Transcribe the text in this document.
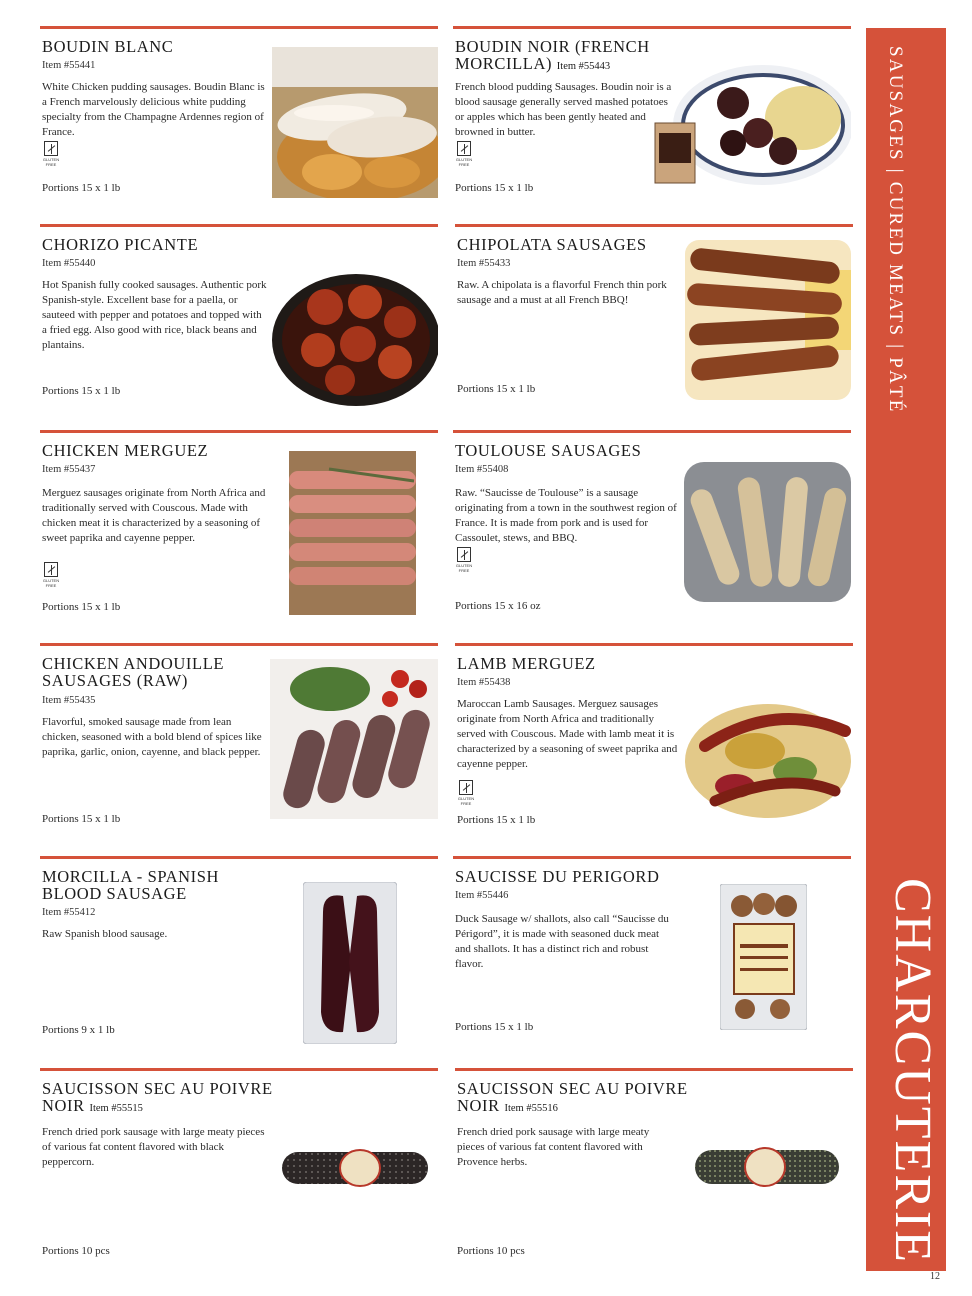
BOUDIN BLANC
Item #55441
White Chicken pudding sausages. Boudin Blanc is a French marvelously delicious white pudding specialty from the Champagne Ardennes region of France.
GLUTEN FREE
Portions 15 x 1 lb
BOUDIN NOIR (FRENCH MORCILLA) Item #55443
French blood pudding Sausages. Boudin noir is a blood sausage generally served mashed potatoes or apples which has been gently heated and browned in butter.
GLUTEN FREE
Portions 15 x 1 lb
CHORIZO PICANTE
Item #55440
Hot Spanish fully cooked sausages. Authentic pork Spanish-style. Excellent base for a paella, or sauteed with pepper and potatoes and topped with a fried egg. Also good with rice, black beans and plantains.
Portions 15 x 1 lb
CHIPOLATA SAUSAGES
Item #55433
Raw. A chipolata is a flavorful French thin pork sausage and a must at all French BBQ!
Portions 15 x 1 lb
CHICKEN MERGUEZ
Item #55437
Merguez sausages originate from North Africa and traditionally served with Couscous. Made with chicken meat it is characterized by a seasoning of sweet paprika and cayenne pepper.
GLUTEN FREE
Portions 15 x 1 lb
TOULOUSE SAUSAGES
Item #55408
Raw. “Saucisse de Toulouse” is a sausage originating from a town in the southwest region of France. It is made from pork and is used for Cassoulet, stews, and BBQ.
GLUTEN FREE
Portions 15 x 16 oz
CHICKEN ANDOUILLE SAUSAGES (RAW)
Item #55435
Flavorful, smoked sausage made from lean chicken, seasoned with a bold blend of spices like paprika, garlic, onion, cayenne, and black pepper.
Portions 15 x 1 lb
LAMB MERGUEZ
Item #55438
Maroccan Lamb Sausages. Merguez sausages originate from North Africa and traditionally served with Couscous. Made with lamb meat it is characterized by a seasoning of sweet paprika and cayenne pepper.
GLUTEN FREE
Portions 15 x 1 lb
MORCILLA - SPANISH BLOOD SAUSAGE
Item #55412
Raw Spanish blood sausage.
Portions 9 x 1 lb
SAUCISSE DU PERIGORD
Item #55446
Duck Sausage w/ shallots, also call “Saucisse du Périgord”, it is made with seasoned duck meat and shallots. It has a distinct rich and robust flavor.
Portions 15 x 1 lb
SAUCISSON SEC AU POIVRE NOIR Item #55515
French dried pork sausage with large meaty pieces of various fat content flavored with black peppercorn.
Portions 10 pcs
SAUCISSON SEC AU POIVRE NOIR Item #55516
French dried pork sausage with large meaty pieces of various fat content flavored with Provence herbs.
Portions 10 pcs
SAUSAGES | CURED MEATS | PÂTÉ
CHARCUTERIE
12
